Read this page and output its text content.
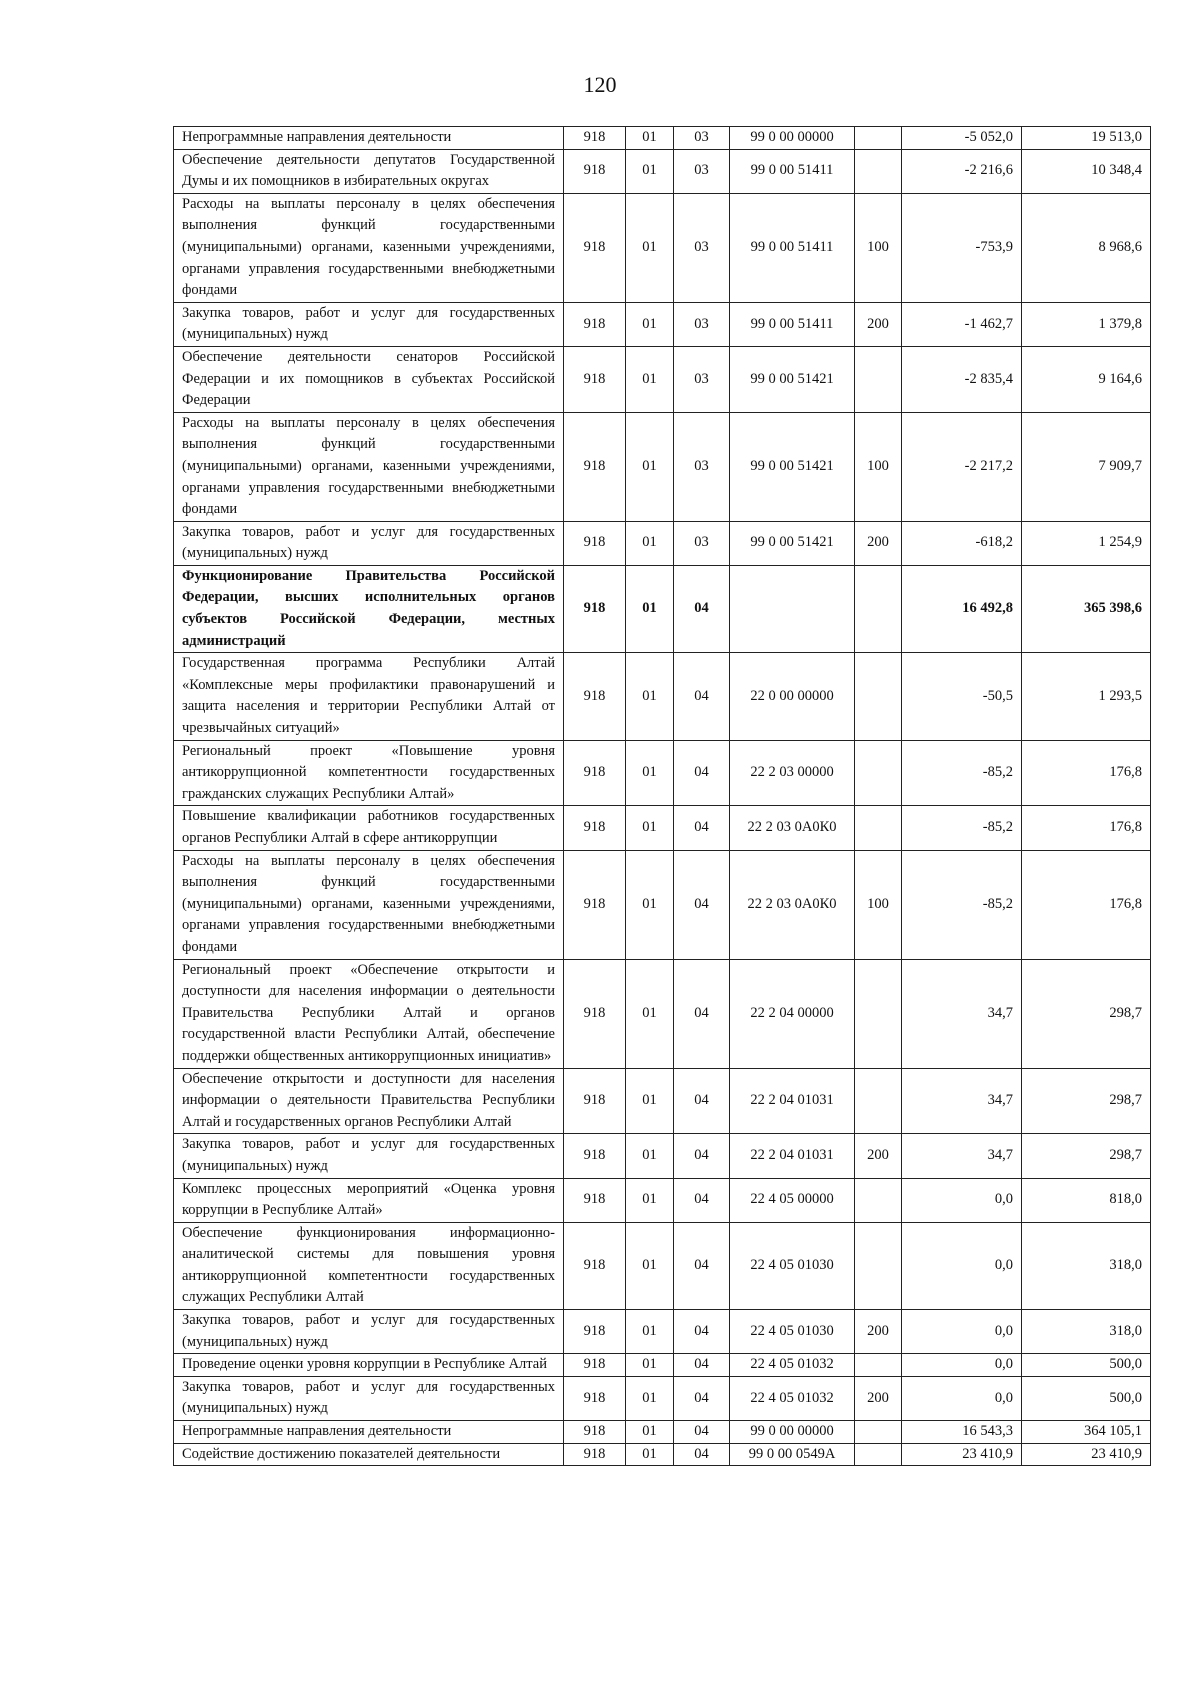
120
Непрограммные направления деятельности	918	01	03	99 0 00 00000		-5 052,0	19 513,0
Обеспечение деятельности депутатов Государственной Думы и их помощников в избирательных округах	918	01	03	99 0 00 51411		-2 216,6	10 348,4
Расходы на выплаты персоналу в целях обеспечения выполнения функций государственными (муниципальными) органами, казенными учреждениями, органами управления государственными внебюджетными фондами	918	01	03	99 0 00 51411	100	-753,9	8 968,6
Закупка товаров, работ и услуг для государственных (муниципальных) нужд	918	01	03	99 0 00 51411	200	-1 462,7	1 379,8
Обеспечение деятельности сенаторов Российской Федерации и их помощников в субъектах Российской Федерации	918	01	03	99 0 00 51421		-2 835,4	9 164,6
Расходы на выплаты персоналу в целях обеспечения выполнения функций государственными (муниципальными) органами, казенными учреждениями, органами управления государственными внебюджетными фондами	918	01	03	99 0 00 51421	100	-2 217,2	7 909,7
Закупка товаров, работ и услуг для государственных (муниципальных) нужд	918	01	03	99 0 00 51421	200	-618,2	1 254,9
Функционирование Правительства Российской Федерации, высших исполнительных органов субъектов Российской Федерации, местных администраций	918	01	04			16 492,8	365 398,6
Государственная программа Республики Алтай «Комплексные меры профилактики правонарушений и защита населения и территории Республики Алтай от чрезвычайных ситуаций»	918	01	04	22 0 00 00000		-50,5	1 293,5
Региональный проект «Повышение уровня антикоррупционной компетентности государственных гражданских служащих Республики Алтай»	918	01	04	22 2 03 00000		-85,2	176,8
Повышение квалификации работников государственных органов Республики Алтай в сфере антикоррупции	918	01	04	22 2 03 0А0К0		-85,2	176,8
Расходы на выплаты персоналу в целях обеспечения выполнения функций государственными (муниципальными) органами, казенными учреждениями, органами управления государственными внебюджетными фондами	918	01	04	22 2 03 0А0К0	100	-85,2	176,8
Региональный проект «Обеспечение открытости и доступности для населения информации о деятельности Правительства Республики Алтай и органов государственной власти Республики Алтай, обеспечение поддержки общественных антикоррупционных инициатив»	918	01	04	22 2 04 00000		34,7	298,7
Обеспечение открытости и доступности для населения информации о деятельности Правительства Республики Алтай и государственных органов Республики Алтай	918	01	04	22 2 04 01031		34,7	298,7
Закупка товаров, работ и услуг для государственных (муниципальных) нужд	918	01	04	22 2 04 01031	200	34,7	298,7
Комплекс процессных мероприятий «Оценка уровня коррупции в Республике Алтай»	918	01	04	22 4 05 00000		0,0	818,0
Обеспечение функционирования информационно-аналитической системы для повышения уровня антикоррупционной компетентности государственных служащих Республики Алтай	918	01	04	22 4 05 01030		0,0	318,0
Закупка товаров, работ и услуг для государственных (муниципальных) нужд	918	01	04	22 4 05 01030	200	0,0	318,0
Проведение оценки уровня коррупции в Республике Алтай	918	01	04	22 4 05 01032		0,0	500,0
Закупка товаров, работ и услуг для государственных (муниципальных) нужд	918	01	04	22 4 05 01032	200	0,0	500,0
Непрограммные направления деятельности	918	01	04	99 0 00 00000		16 543,3	364 105,1
Содействие достижению показателей деятельности	918	01	04	99 0 00 0549А		23 410,9	23 410,9
